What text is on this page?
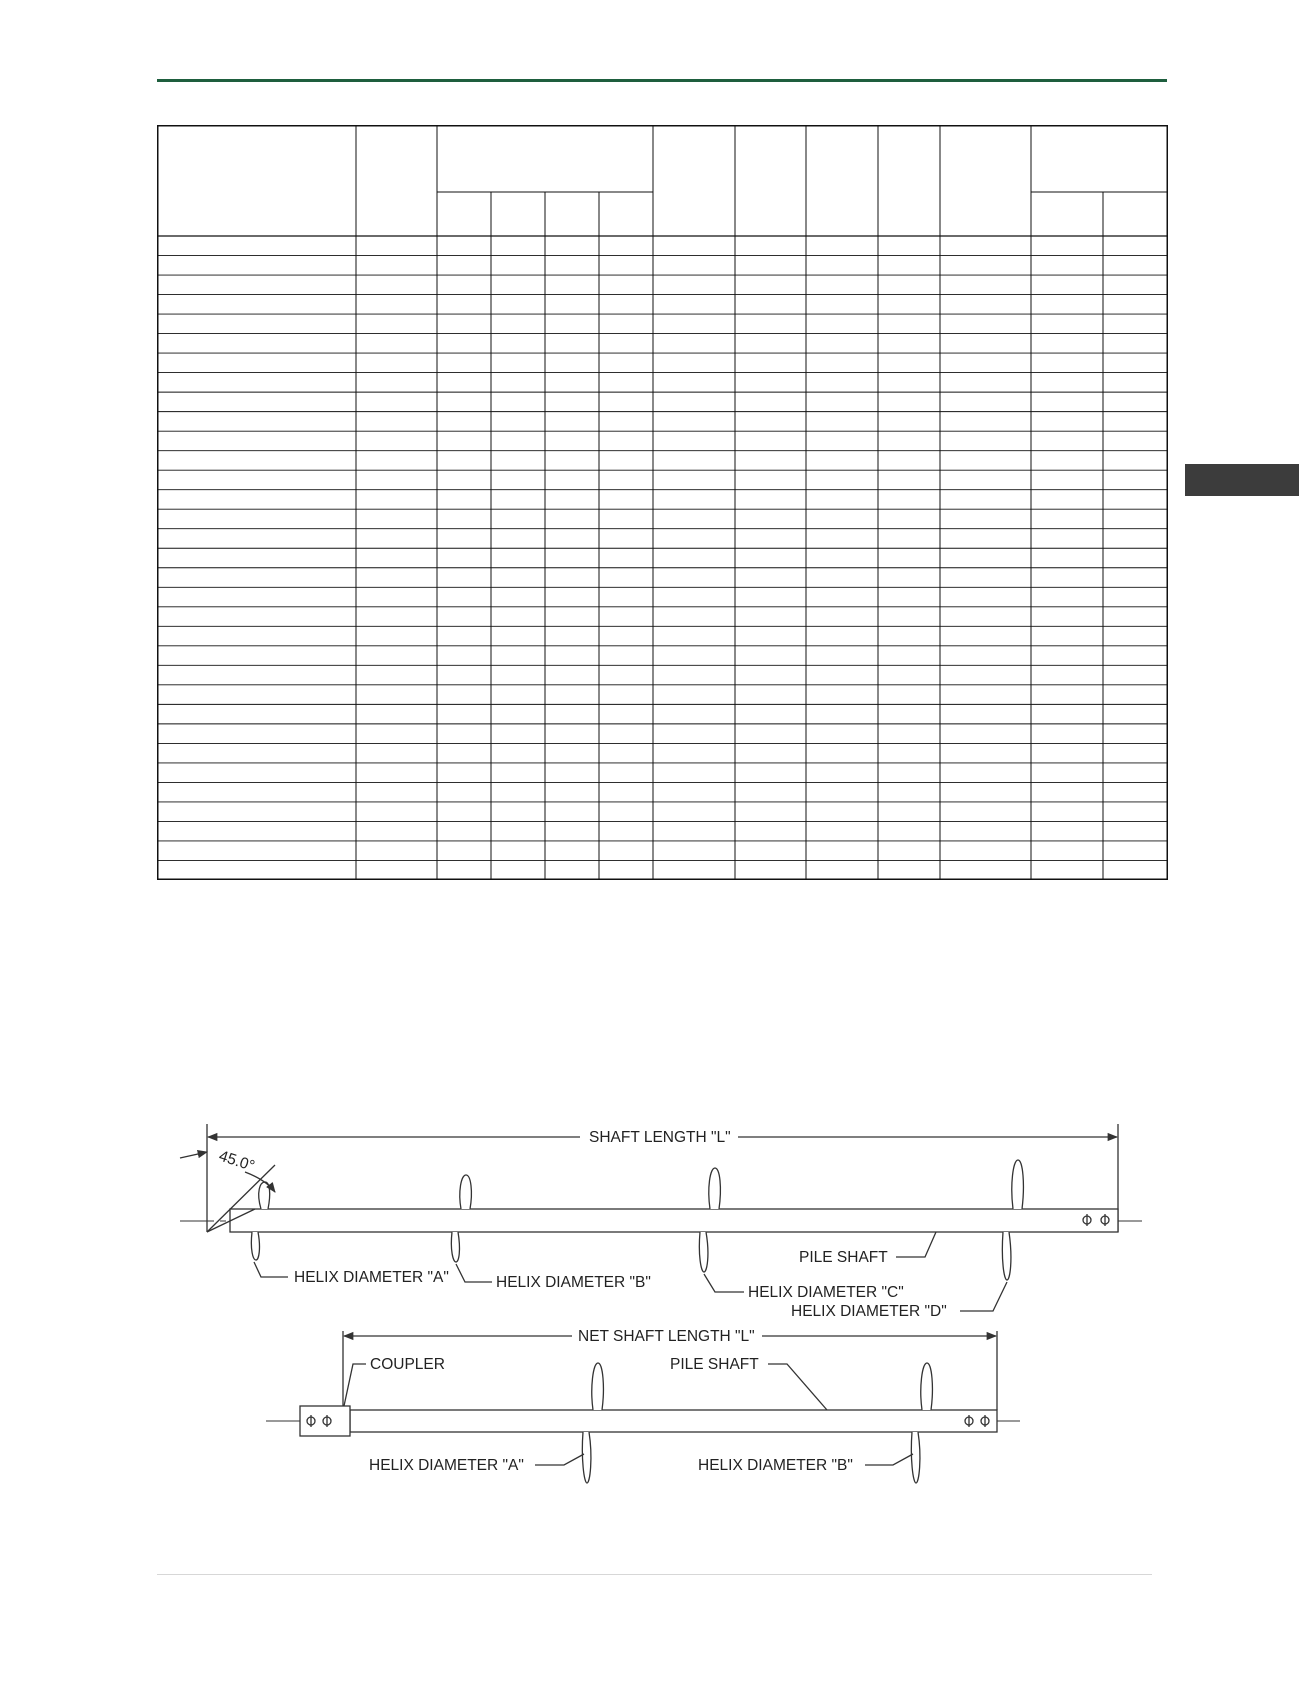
45.0°
SHAFT LENGTH "L"
HELIX DIAMETER "A"	HELIX DIAMETER "B"
HELIX DIAMETER "C"
HELIX DIAMETER "D"
PILE SHAFT
NET SHAFT LENGTH "L"
COUPLER	PILE SHAFT
HELIX DIAMETER "A"	HELIX DIAMETER "B"
